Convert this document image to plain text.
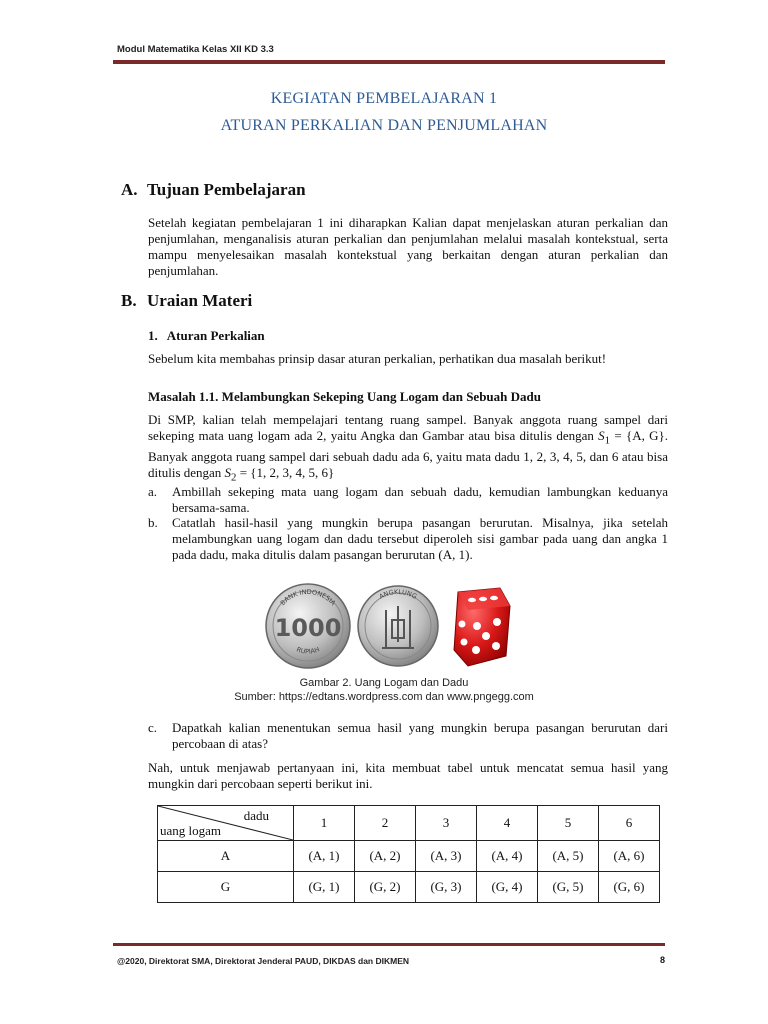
Modul Matematika Kelas XII KD 3.3
KEGIATAN PEMBELAJARAN 1
ATURAN PERKALIAN DAN PENJUMLAHAN
A. Tujuan Pembelajaran
Setelah kegiatan pembelajaran 1 ini diharapkan Kalian dapat menjelaskan aturan perkalian dan penjumlahan, menganalisis aturan perkalian dan penjumlahan melalui masalah kontekstual, serta mampu menyelesaikan masalah kontekstual yang berkaitan dengan aturan perkalian dan penjumlahan.
B. Uraian Materi
1.   Aturan Perkalian
Sebelum kita membahas prinsip dasar aturan perkalian, perhatikan dua masalah berikut!
Masalah 1.1. Melambungkan Sekeping Uang Logam dan Sebuah Dadu
Di SMP, kalian telah mempelajari tentang ruang sampel. Banyak anggota ruang sampel dari sekeping mata uang logam ada 2, yaitu Angka dan Gambar atau bisa ditulis dengan $S_1 = \{A$, G}. Banyak anggota ruang sampel dari sebuah dadu ada 6, yaitu mata dadu 1, 2, 3, 4, 5, dan 6 atau bisa ditulis dengan $S_2 = \{1$, 2, 3, 4, 5, 6}
a. Ambillah sekeping mata uang logam dan sebuah dadu, kemudian lambungkan keduanya bersama-sama.
b. Catatlah hasil-hasil yang mungkin berupa pasangan berurutan. Misalnya, jika setelah melambungkan uang logam dan dadu tersebut diperoleh sisi gambar pada uang dan angka 1 pada dadu, maka ditulis dalam pasangan berurutan (A, 1).
BANK INDONESIA
1000
RUPIAH
ANGKLUNG
Gambar 2. Uang Logam dan Dadu
Sumber: https://edtans.wordpress.com dan www.pngegg.com
c. Dapatkah kalian menentukan semua hasil yang mungkin berupa pasangan berurutan dari percobaan di atas?
Nah, untuk menjawab pertanyaan ini, kita membuat tabel untuk mencatat semua hasil yang mungkin dari percobaan seperti berikut ini.
dadu
uang logam	1	2	3	4	5	6
A	(A, 1)	(A, 2)	(A, 3)	(A, 4)	(A, 5)	(A, 6)
G	(G, 1)	(G, 2)	(G, 3)	(G, 4)	(G, 5)	(G, 6)
@2020, Direktorat SMA, Direktorat Jenderal PAUD, DIKDAS dan DIKMEN	8
